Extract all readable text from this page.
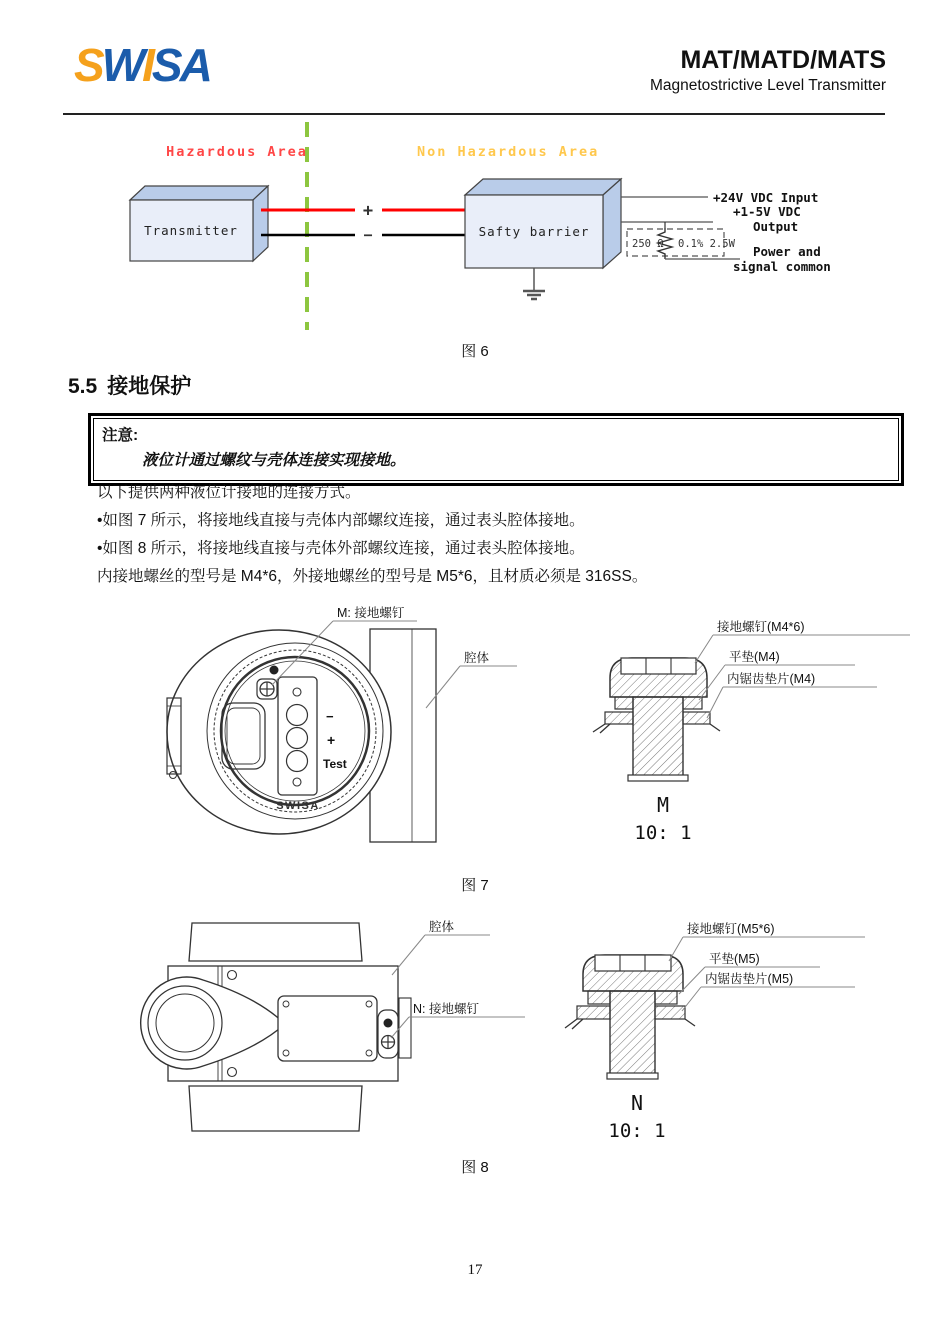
SWISA	MAT/MATD/MATS
Magnetostrictive Level Transmitter
Hazardous Area	Non Hazardous Area
Transmitter
+
−	Safty barrier
+24V VDC Input
+1-5V VDC
Output
250 Ω 0.1% 2.5W Power and
signal common
图 6
5.5 接地保护
注意:
液位计通过螺纹与壳体连接实现接地。
以下提供两种液位计接地的连接方式。
•如图 7 所示，将接地线直接与壳体内部螺纹连接，通过表头腔体接地。
•如图 8 所示，将接地线直接与壳体外部螺纹连接，通过表头腔体接地。
内接地螺丝的型号是 M4*6，外接地螺丝的型号是 M5*6，且材质必须是 316SS。
−
+
Test
SWISA
M: 接地螺钉
腔体
接地螺钉(M4*6)
平垫(M4)
内锯齿垫片(M4)
M
10: 1
图 7
腔体
N: 接地螺钉
接地螺钉(M5*6)
平垫(M5)
内锯齿垫片(M5)
N
10: 1
图 8
17
